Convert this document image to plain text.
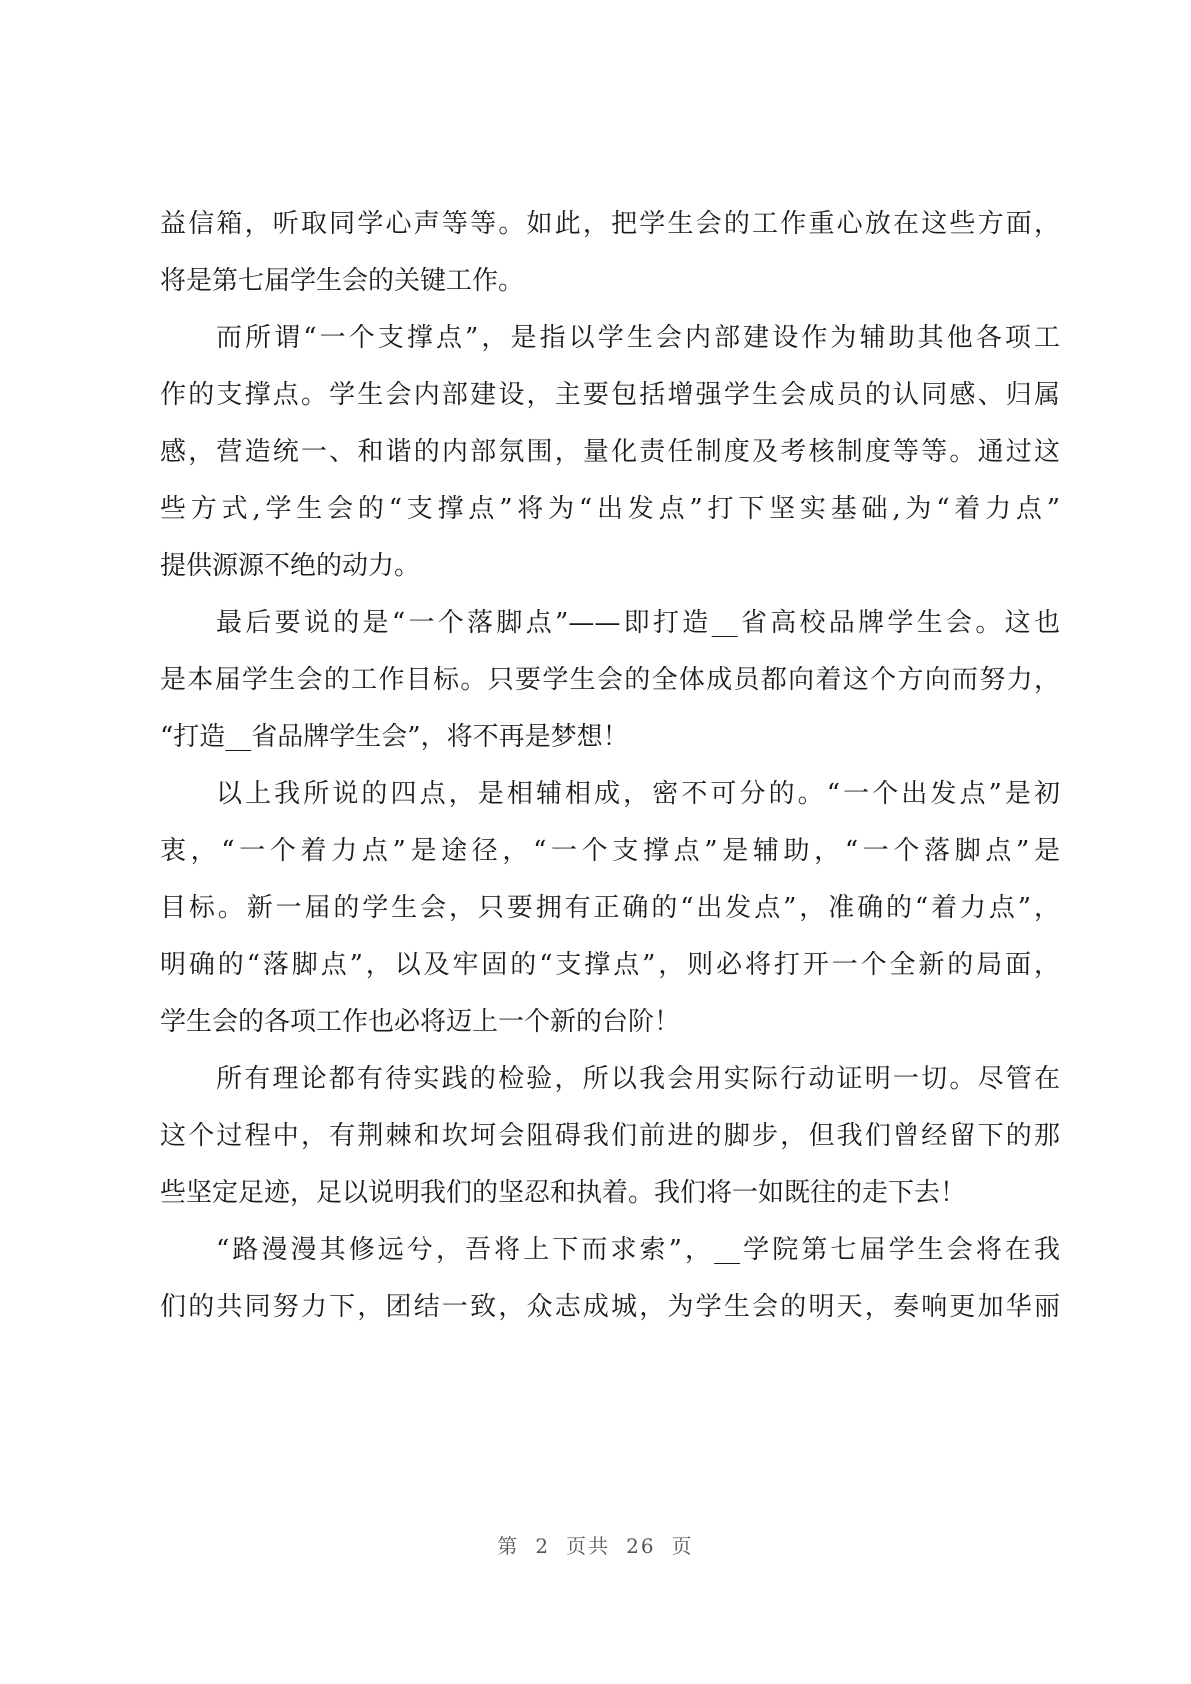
益信箱，听取同学心声等等。如此，把学生会的工作重心放在这些方面，
将是第七届学生会的关键工作。
而所谓“一个支撑点”，是指以学生会内部建设作为辅助其他各项工
作的支撑点。学生会内部建设，主要包括增强学生会成员的认同感、归属
感，营造统一、和谐的内部氛围，量化责任制度及考核制度等等。通过这
些方式,学生会的“支撑点”将为“出发点”打下坚实基础,为“着力点”
提供源源不绝的动力。
最后要说的是“一个落脚点”——即打造__省高校品牌学生会。这也
是本届学生会的工作目标。只要学生会的全体成员都向着这个方向而努力，
“打造__省品牌学生会”，将不再是梦想！
以上我所说的四点，是相辅相成，密不可分的。“一个出发点”是初
衷，“一个着力点”是途径，“一个支撑点”是辅助，“一个落脚点”是
目标。新一届的学生会，只要拥有正确的“出发点”，准确的“着力点”，
明确的“落脚点”，以及牢固的“支撑点”，则必将打开一个全新的局面，
学生会的各项工作也必将迈上一个新的台阶！
所有理论都有待实践的检验，所以我会用实际行动证明一切。尽管在
这个过程中，有荆棘和坎坷会阻碍我们前进的脚步，但我们曾经留下的那
些坚定足迹，足以说明我们的坚忍和执着。我们将一如既往的走下去！
“路漫漫其修远兮，吾将上下而求索”，__学院第七届学生会将在我
们的共同努力下，团结一致，众志成城，为学生会的明天，奏响更加华丽
第 2 页共 26 页
